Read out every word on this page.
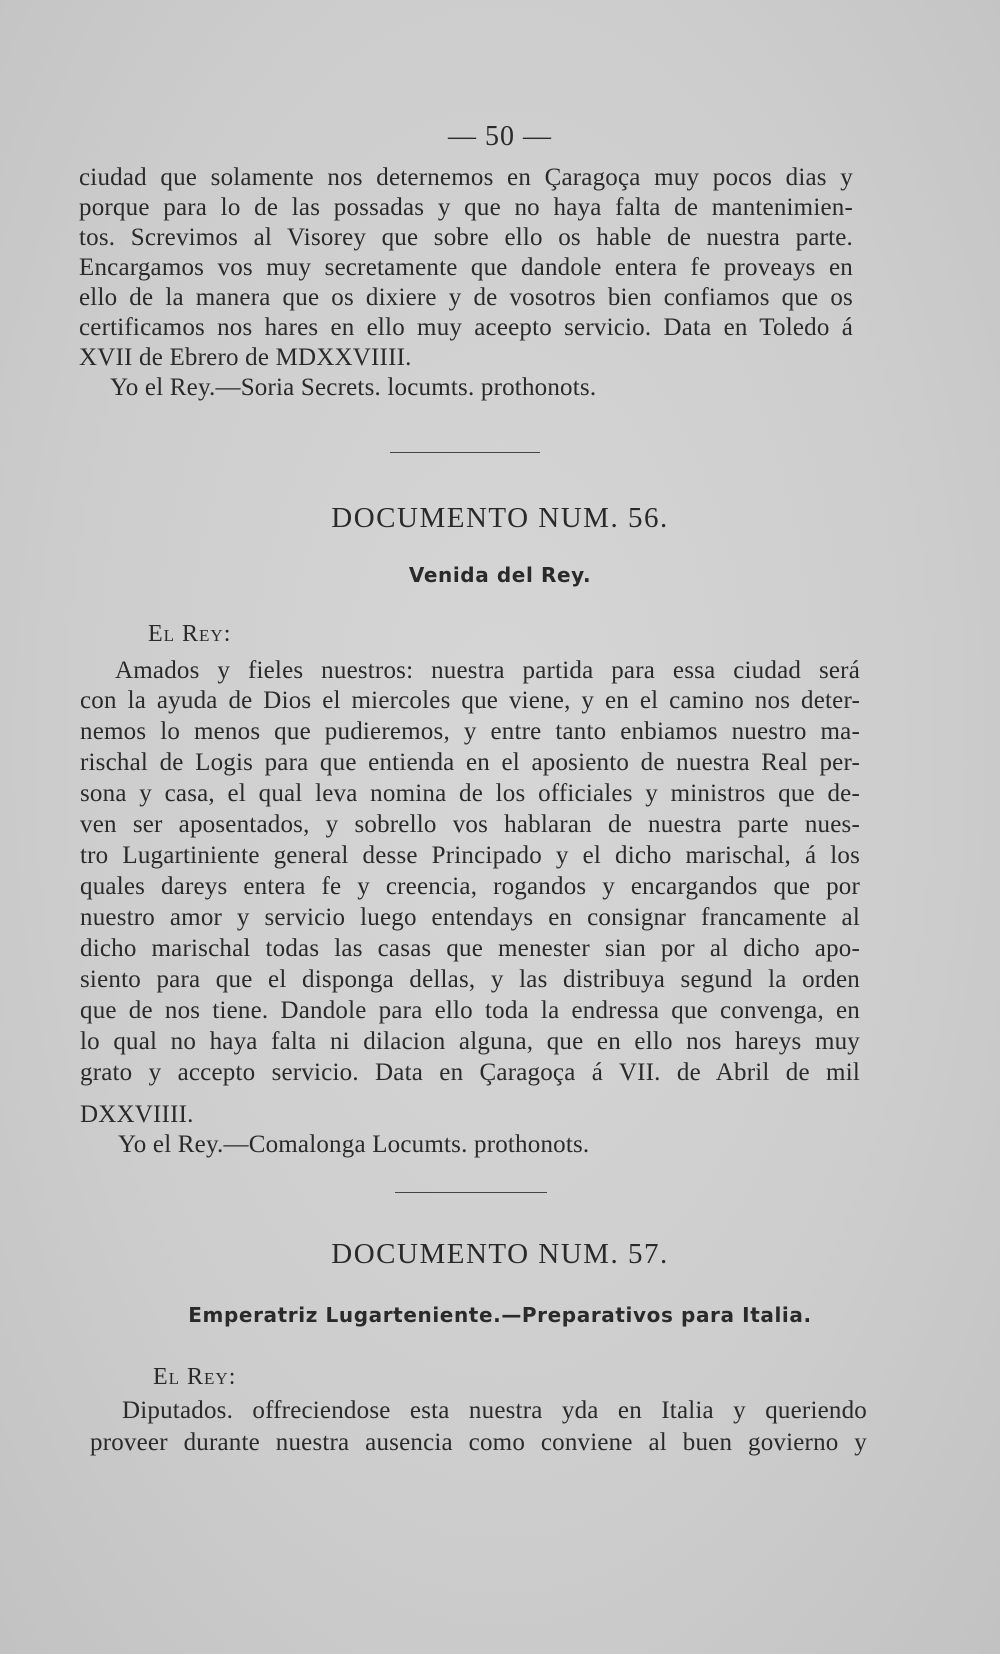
— 50 —
ciudad que solamente nos deternemos en Çaragoça muy pocos dias y
porque para lo de las possadas y que no haya falta de mantenimien-
tos. Screvimos al Visorey que sobre ello os hable de nuestra parte.
Encargamos vos muy secretamente que dandole entera fe proveays en
ello de la manera que os dixiere y de vosotros bien confiamos que os
certificamos nos hares en ello muy aceepto servicio. Data en Toledo á
XVII de Ebrero de MDXXVIIII.
Yo el Rey.—Soria Secrets. locumts. prothonots.
DOCUMENTO NUM. 56.
Venida del Rey.
El Rey:
Amados y fieles nuestros: nuestra partida para essa ciudad será
con la ayuda de Dios el miercoles que viene, y en el camino nos deter-
nemos lo menos que pudieremos, y entre tanto enbiamos nuestro ma-
rischal de Logis para que entienda en el aposiento de nuestra Real per-
sona y casa, el qual leva nomina de los officiales y ministros que de-
ven ser aposentados, y sobrello vos hablaran de nuestra parte nues-
tro Lugartiniente general desse Principado y el dicho marischal, á los
quales dareys entera fe y creencia, rogandos y encargandos que por
nuestro amor y servicio luego entendays en consignar francamente al
dicho marischal todas las casas que menester sian por al dicho apo-
siento para que el disponga dellas, y las distribuya segund la orden
que de nos tiene. Dandole para ello toda la endressa que convenga, en
lo qual no haya falta ni dilacion alguna, que en ello nos hareys muy
grato y accepto servicio. Data en Çaragoça á VII. de Abril de mil
DXXVIIII.
Yo el Rey.—Comalonga Locumts. prothonots.
DOCUMENTO NUM. 57.
Emperatriz Lugarteniente.—Preparativos para Italia.
El Rey:
Diputados. offreciendose esta nuestra yda en Italia y queriendo
proveer durante nuestra ausencia como conviene al buen govierno y
